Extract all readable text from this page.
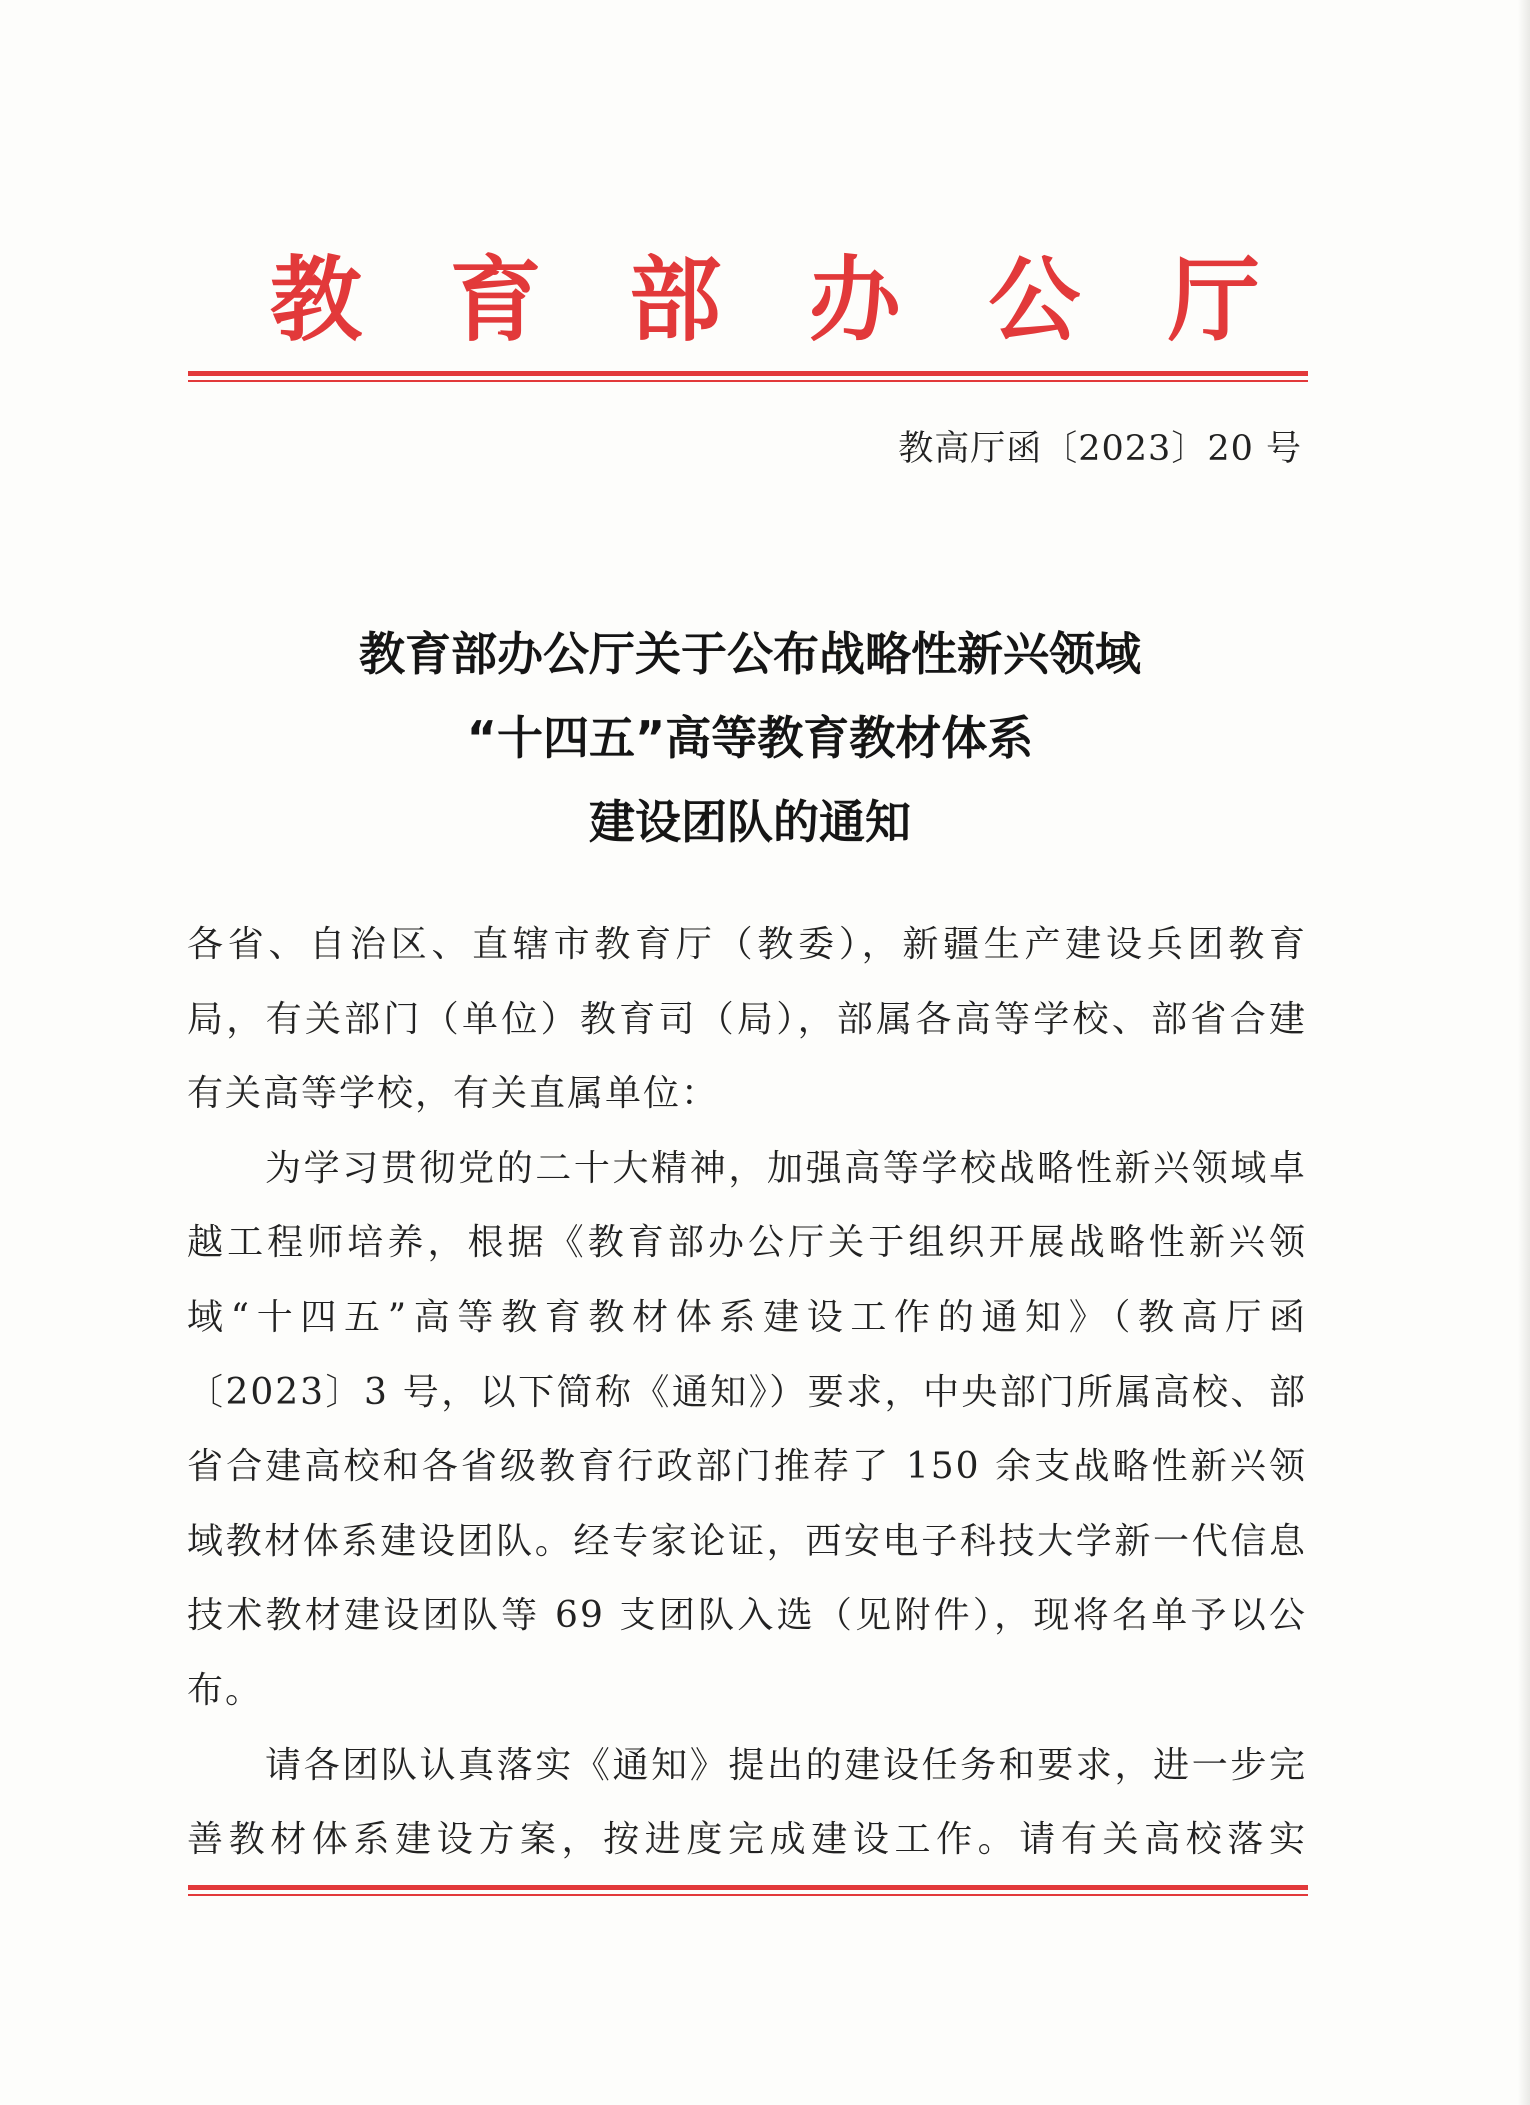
教 育 部 办 公 厅
教高厅函〔2023〕20 号
教育部办公厅关于公布战略性新兴领域
“十四五”高等教育教材体系
建设团队的通知

各省、自治区、直辖市教育厅（教委），新疆生产建设兵团教育局，有关部门（单位）教育司（局），部属各高等学校、部省合建有关高等学校，有关直属单位：

为学习贯彻党的二十大精神，加强高等学校战略性新兴领域卓越工程师培养，根据《教育部办公厅关于组织开展战略性新兴领域“十四五”高等教育教材体系建设工作的通知》（教高厅函〔2023〕3 号，以下简称《通知》）要求，中央部门所属高校、部省合建高校和各省级教育行政部门推荐了 150 余支战略性新兴领域教材体系建设团队。经专家论证，西安电子科技大学新一代信息技术教材建设团队等 69 支团队入选（见附件），现将名单予以公布。

请各团队认真落实《通知》提出的建设任务和要求，进一步完善教材体系建设方案，按进度完成建设工作。请有关高校落实
